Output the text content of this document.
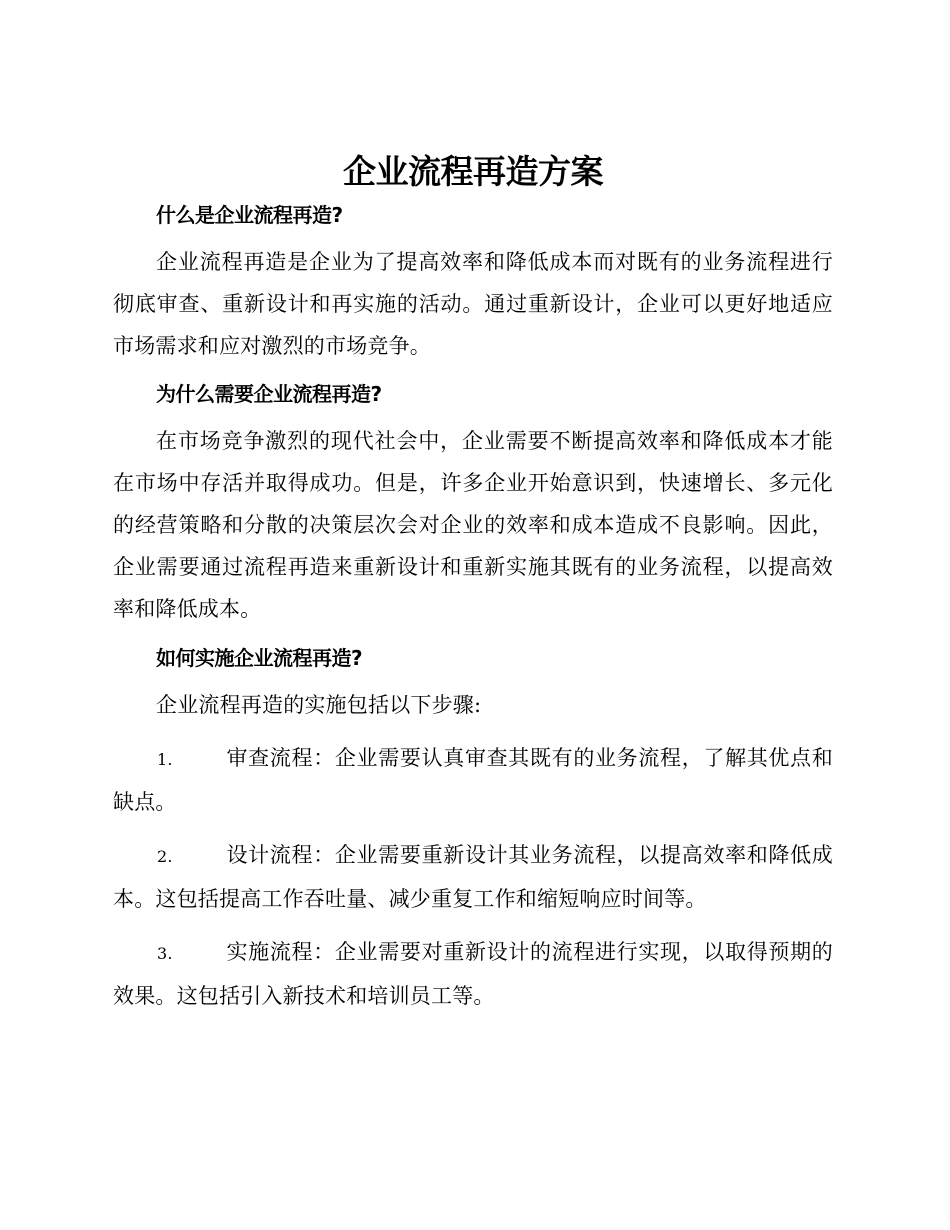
企业流程再造方案
什么是企业流程再造?

企业流程再造是企业为了提高效率和降低成本而对既有的业务流程进行彻底审查、重新设计和再实施的活动。通过重新设计，企业可以更好地适应市场需求和应对激烈的市场竞争。

为什么需要企业流程再造?

在市场竞争激烈的现代社会中，企业需要不断提高效率和降低成本才能在市场中存活并取得成功。但是，许多企业开始意识到，快速增长、多元化的经营策略和分散的决策层次会对企业的效率和成本造成不良影响。因此，企业需要通过流程再造来重新设计和重新实施其既有的业务流程，以提高效率和降低成本。

如何实施企业流程再造?

企业流程再造的实施包括以下步骤:

1.	审查流程：企业需要认真审查其既有的业务流程，了解其优点和缺点。

2.	设计流程：企业需要重新设计其业务流程，以提高效率和降低成本。这包括提高工作吞吐量、减少重复工作和缩短响应时间等。

3.	实施流程：企业需要对重新设计的流程进行实现，以取得预期的效果。这包括引入新技术和培训员工等。
